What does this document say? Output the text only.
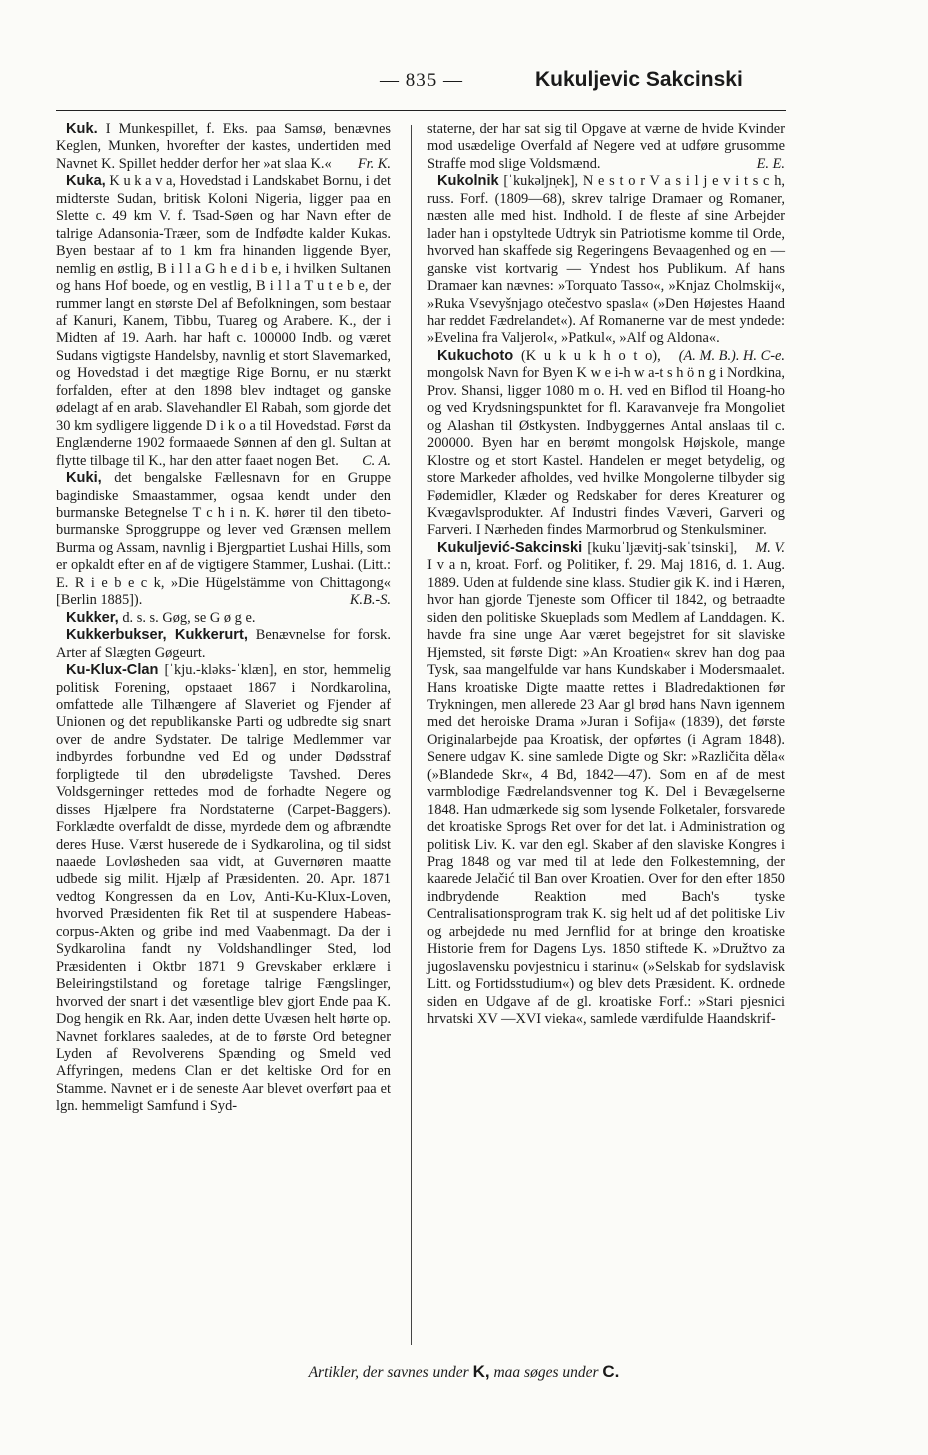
— 835 —	Kukuljevic Sakcinski

Kuk. I Munkespillet, f. Eks. paa Samsø, benævnes Keglen, Munken, hvorefter der kastes, undertiden med Navnet K. Spillet hedder derfor her »at slaa K.«	Fr. K.

Kuka, K u k a v a, Hovedstad i Landskabet Bornu, i det midterste Sudan, britisk Koloni Nigeria, ligger paa en Slette c. 49 km V. f. Tsad-Søen og har Navn efter de talrige Adansonia-Træer, som de Indfødte kalder Kukas. Byen bestaar af to 1 km fra hinanden liggende Byer, nemlig en østlig, B i l l a G h e d i b e, i hvilken Sultanen og hans Hof boede, og en vestlig, B i l l a T u t e b e, der rummer langt en største Del af Befolkningen, som bestaar af Kanuri, Kanem, Tibbu, Tuareg og Arabere. K., der i Midten af 19. Aarh. har haft c. 100000 Indb. og været Sudans vigtigste Handelsby, navnlig et stort Slavemarked, og Hovedstad i det mægtige Rige Bornu, er nu stærkt forfalden, efter at den 1898 blev indtaget og ganske ødelagt af en arab. Slavehandler El Rabah, som gjorde det 30 km sydligere liggende D i k o a til Hovedstad. Først da Englænderne 1902 formaaede Sønnen af den gl. Sultan at flytte tilbage til K., har den atter faaet nogen Bet.	C. A.

Kuki, det bengalske Fællesnavn for en Gruppe bagindiske Smaastammer, ogsaa kendt under den burmanske Betegnelse T c h i n. K. hører til den tibeto-burmanske Sproggruppe og lever ved Grænsen mellem Burma og Assam, navnlig i Bjergpartiet Lushai Hills, som er opkaldt efter en af de vigtigere Stammer, Lushai. (Litt.: E. R i e b e c k, »Die Hügelstämme von Chittagong« [Berlin 1885]).	K.B.-S.

Kukker, d. s. s. Gøg, se G ø g e.

Kukkerbukser, Kukkerurt, Benævnelse for forsk. Arter af Slægten Gøgeurt.

Ku-Klux-Clan [ˈkju.-kləks-ˈklæn], en stor, hemmelig politisk Forening, opstaaet 1867 i Nordkarolina, omfattede alle Tilhængere af Slaveriet og Fjender af Unionen og det republikanske Parti og udbredte sig snart over de andre Sydstater. De talrige Medlemmer var indbyrdes forbundne ved Ed og under Dødsstraf forpligtede til den ubrødeligste Tavshed. Deres Voldsgerninger rettedes mod de forhadte Negere og disses Hjælpere fra Nordstaterne (Carpet-Baggers). Forklædte overfaldt de disse, myrdede dem og afbrændte deres Huse. Værst huserede de i Sydkarolina, og til sidst naaede Lovløsheden saa vidt, at Guvernøren maatte udbede sig milit. Hjælp af Præsidenten. 20. Apr. 1871 vedtog Kongressen da en Lov, Anti-Ku-Klux-Loven, hvorved Præsidenten fik Ret til at suspendere Habeas-corpus-Akten og gribe ind med Vaabenmagt. Da der i Sydkarolina fandt ny Voldshandlinger Sted, lod Præsidenten i Oktbr 1871 9 Grevskaber erklære i Beleiringstilstand og foretage talrige Fængslinger, hvorved der snart i det væsentlige blev gjort Ende paa K. Dog hengik en Rk. Aar, inden dette Uvæsen helt hørte op. Navnet forklares saaledes, at de to første Ord betegner Lyden af Revolverens Spænding og Smeld ved Affyringen, medens Clan er det keltiske Ord for en Stamme. Navnet er i de seneste Aar blevet overført paa et lgn. hemmeligt Samfund i Syd-

staterne, der har sat sig til Opgave at værne de hvide Kvinder mod usædelige Overfald af Negere ved at udføre grusomme Straffe mod slige Voldsmænd.	E. E.

Kukolnik [ˈkukəljn̩ek], N e s t o r V a s i l j e v i t s c h, russ. Forf. (1809—68), skrev talrige Dramaer og Romaner, næsten alle med hist. Indhold. I de fleste af sine Arbejder lader han i opstyltede Udtryk sin Patriotisme komme til Orde, hvorved han skaffede sig Regeringens Bevaagenhed og en — ganske vist kortvarig — Yndest hos Publikum. Af hans Dramaer kan nævnes: »Torquato Tasso«, »Knjaz Cholmskij«, »Ruka Vsevyšnjago otečestvo spasla« (»Den Højestes Haand har reddet Fædrelandet«). Af Romanerne var de mest yndede: »Evelina fra Valjerol«, »Patkul«, »Alf og Aldona«.
(A. M. B.). H. C-e.

Kukuchoto (K u k u k h o t o), mongolsk Navn for Byen K w e i-h w a-t s h ö n g i Nordkina, Prov. Shansi, ligger 1080 m o. H. ved en Biflod til Hoang-ho og ved Krydsningspunktet for fl. Karavanveje fra Mongoliet og Alashan til Østkysten. Indbyggernes Antal anslaas til c. 200000. Byen har en berømt mongolsk Højskole, mange Klostre og et stort Kastel. Handelen er meget betydelig, og store Markeder afholdes, ved hvilke Mongolerne tilbyder sig Fødemidler, Klæder og Redskaber for deres Kreaturer og Kvægavlsprodukter. Af Industri findes Væveri, Garveri og Farveri. I Nærheden findes Marmorbrud og Stenkulsminer.
M. V.

Kukuljević-Sakcinski [kukuˈljævitj-sakˈtsinski], I v a n, kroat. Forf. og Politiker, f. 29. Maj 1816, d. 1. Aug. 1889. Uden at fuldende sine klass. Studier gik K. ind i Hæren, hvor han gjorde Tjeneste som Officer til 1842, og betraadte siden den politiske Skueplads som Medlem af Landdagen. K. havde fra sine unge Aar været begejstret for sit slaviske Hjemsted, sit første Digt: »An Kroatien« skrev han dog paa Tysk, saa mangelfulde var hans Kundskaber i Modersmaalet. Hans kroatiske Digte maatte rettes i Bladredaktionen før Trykningen, men allerede 23 Aar gl brød hans Navn igennem med det heroiske Drama »Juran i Sofija« (1839), det første Originalarbejde paa Kroatisk, der opførtes (i Agram 1848). Senere udgav K. sine samlede Digte og Skr: »Različita děla« (»Blandede Skr«, 4 Bd, 1842—47). Som en af de mest varmblodige Fædrelandsvenner tog K. Del i Bevægelserne 1848. Han udmærkede sig som lysende Folketaler, forsvarede det kroatiske Sprogs Ret over for det lat. i Administration og politisk Liv. K. var den egl. Skaber af den slaviske Kongres i Prag 1848 og var med til at lede den Folkestemning, der kaarede Jelačić til Ban over Kroatien. Over for den efter 1850 indbrydende Reaktion med Bach's tyske Centralisationsprogram trak K. sig helt ud af det politiske Liv og arbejdede nu med Jernflid for at bringe den kroatiske Historie frem for Dagens Lys. 1850 stiftede K. »Družtvo za jugoslavensku povjestnicu i starinu« (»Selskab for sydslavisk Litt. og Fortidsstudium«) og blev dets Præsident. K. ordnede siden en Udgave af de gl. kroatiske Forf.: »Stari pjesnici hrvatski XV —XVI vieka«, samlede værdifulde Haandskrif-

Artikler, der savnes under K, maa søges under C.
